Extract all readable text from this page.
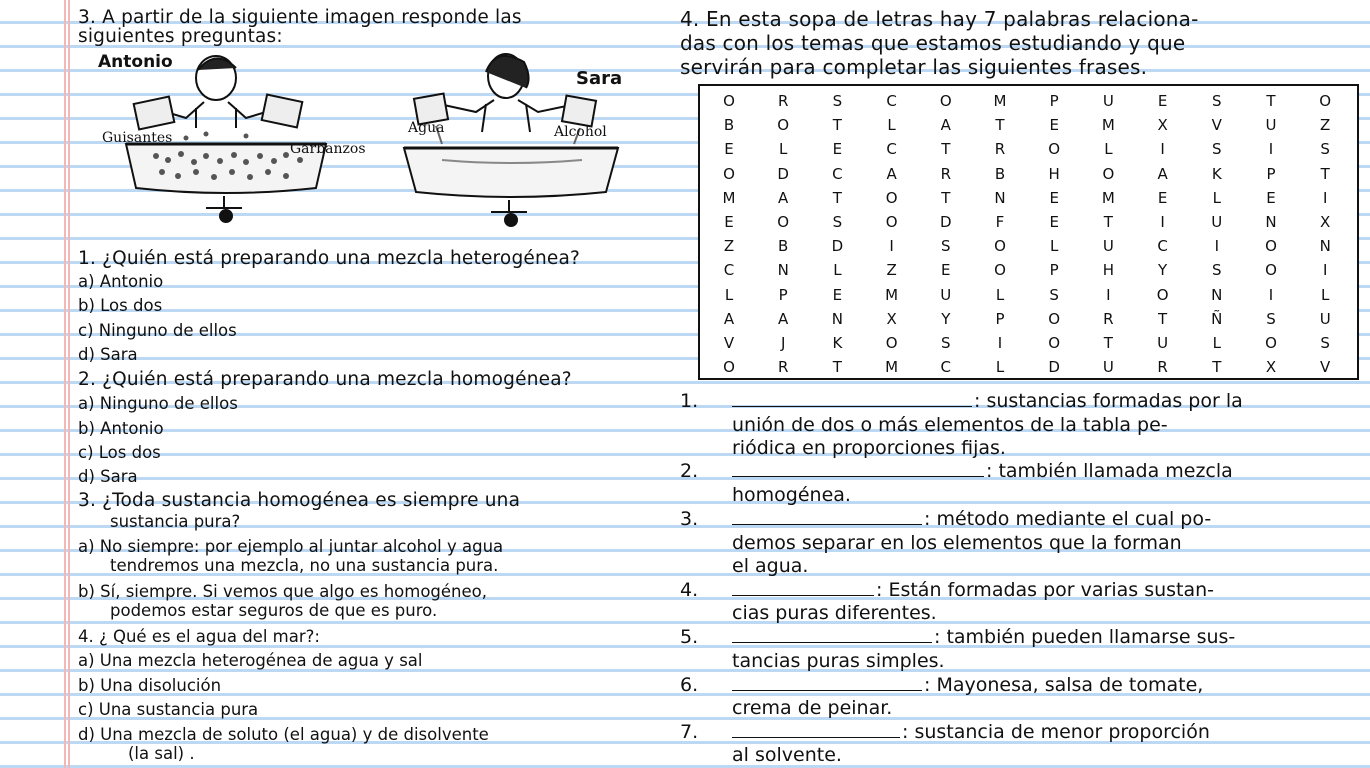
3. A partir de la siguiente imagen responde las
siguientes preguntas:
Antonio
Sara
Guisantes
Garbanzos
Agua	Alcohol
1. ¿Quién está preparando una mezcla heterogénea?
a) Antonio
b) Los dos
c) Ninguno de ellos
d) Sara
2. ¿Quién está preparando una mezcla homogénea?
a) Ninguno de ellos
b) Antonio
c) Los dos
d) Sara
3. ¿Toda sustancia homogénea es siempre una
sustancia pura?
a) No siempre: por ejemplo al juntar alcohol y agua
tendremos una mezcla, no una sustancia pura.
b) Sí, siempre. Si vemos que algo es homogéneo,
podemos estar seguros de que es puro.
4. ¿ Qué es el agua del mar?:
a) Una mezcla heterogénea de agua y sal
b) Una disolución
c) Una sustancia pura
d) Una mezcla de soluto (el agua) y de disolvente
(la sal) .
4. En esta sopa de letras hay 7 palabras relaciona-
das con los temas que estamos estudiando y que
servirán para completar las siguientes frases.
O	R	S	C	O	M	P	U	E	S	T	O
B	O	T	L	A	T	E	M	X	V	U	Z
E	L	E	C	T	R	O	L	I	S	I	S
O	D	C	A	R	B	H	O	A	K	P	T
M	A	T	O	T	N	E	M	E	L	E	I
E	O	S	O	D	F	E	T	I	U	N	X
Z	B	D	I	S	O	L	U	C	I	O	N
C	N	L	Z	E	O	P	H	Y	S	O	I
L	P	E	M	U	L	S	I	O	N	I	L
A	A	N	X	Y	P	O	R	T	Ñ	S	U
V	J	K	O	S	I	O	T	U	L	O	S
O	R	T	M	C	L	D	U	R	T	X	V
1.	: sustancias formadas por la
unión de dos o más elementos de la tabla pe-
riódica en proporciones fijas.
2.	: también llamada mezcla
homogénea.
3.	: método mediante el cual po-
demos separar en los elementos que la forman
el agua.
4.	: Están formadas por varias sustan-
cias puras diferentes.
5.	: también pueden llamarse sus-
tancias puras simples.
6.	: Mayonesa, salsa de tomate,
crema de peinar.
7.	: sustancia de menor proporción
al solvente.
